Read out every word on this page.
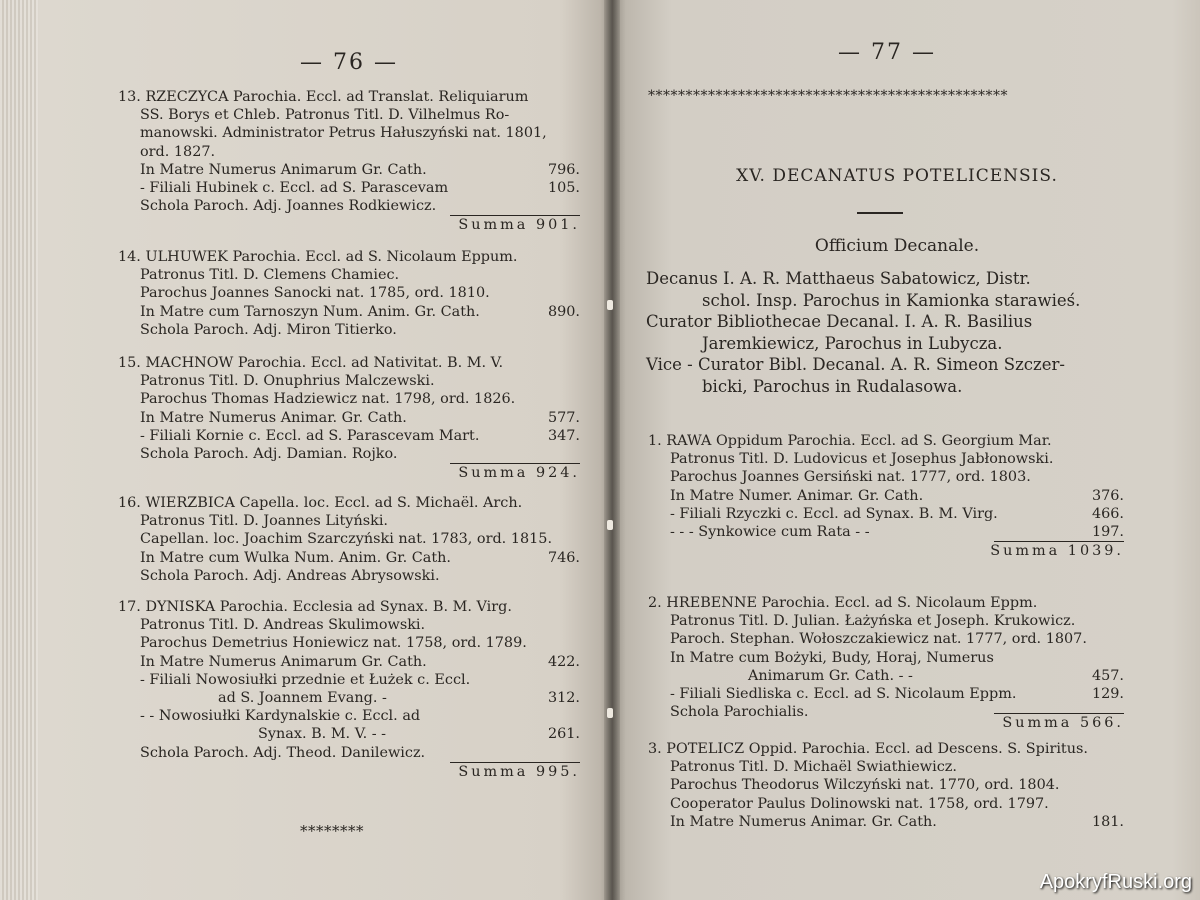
— 76 —
13. RZECZYCA Parochia. Eccl. ad Translat. Reliquiarum
SS. Borys et Chleb. Patronus Titl. D. Vilhelmus Ro-
manowski. Administrator Petrus Hałuszyński nat. 1801,
ord. 1827.
In Matre Numerus Animarum Gr. Cath.	796.
- Filiali Hubinek c. Eccl. ad S. Parascevam	105.
Schola Paroch. Adj. Joannes Rodkiewicz.
Summa 901.
14. ULHUWEK Parochia. Eccl. ad S. Nicolaum Eppum.
Patronus Titl. D. Clemens Chamiec.
Parochus Joannes Sanocki nat. 1785, ord. 1810.
In Matre cum Tarnoszyn Num. Anim. Gr. Cath.	890.
Schola Paroch. Adj. Miron Titierko.
15. MACHNOW Parochia. Eccl. ad Nativitat. B. M. V.
Patronus Titl. D. Onuphrius Malczewski.
Parochus Thomas Hadziewicz nat. 1798, ord. 1826.
In Matre Numerus Animar. Gr. Cath.	577.
- Filiali Kornie c. Eccl. ad S. Parascevam Mart.	347.
Schola Paroch. Adj. Damian. Rojko.
Summa 924.
16. WIERZBICA Capella. loc. Eccl. ad S. Michaël. Arch.
Patronus Titl. D. Joannes Lityński.
Capellan. loc. Joachim Szarczyński nat. 1783, ord. 1815.
In Matre cum Wulka Num. Anim. Gr. Cath.	746.
Schola Paroch. Adj. Andreas Abrysowski.
17. DYNISKA Parochia. Ecclesia ad Synax. B. M. Virg.
Patronus Titl. D. Andreas Skulimowski.
Parochus Demetrius Honiewicz nat. 1758, ord. 1789.
In Matre Numerus Animarum Gr. Cath.	422.
- Filiali Nowosiułki przednie et Łużek c. Eccl.
ad S. Joannem Evang. -	312.
- - Nowosiułki Kardynalskie c. Eccl. ad
Synax. B. M. V. - -	261.
Schola Paroch. Adj. Theod. Danilewicz.
Summa 995.
********
— 77 —
************************************************
XV. DECANATUS POTELICENSIS.
Officium Decanale.
Decanus I. A. R. Matthaeus Sabatowicz, Distr.
schol. Insp. Parochus in Kamionka starawieś.
Curator Bibliothecae Decanal. I. A. R. Basilius
Jaremkiewicz, Parochus in Lubycza.
Vice - Curator Bibl. Decanal. A. R. Simeon Szczer-
bicki, Parochus in Rudalasowa.
1. RAWA Oppidum Parochia. Eccl. ad S. Georgium Mar.
Patronus Titl. D. Ludovicus et Josephus Jabłonowski.
Parochus Joannes Gersiński nat. 1777, ord. 1803.
In Matre Numer. Animar. Gr. Cath.	376.
- Filiali Rzyczki c. Eccl. ad Synax. B. M. Virg.	466.
- - - Synkowice cum Rata - -	197.
Summa 1039.
2. HREBENNE Parochia. Eccl. ad S. Nicolaum Eppm.
Patronus Titl. D. Julian. Łażyńska et Joseph. Krukowicz.
Paroch. Stephan. Wołoszczakiewicz nat. 1777, ord. 1807.
In Matre cum Bożyki, Budy, Horaj, Numerus
Animarum Gr. Cath. - -	457.
- Filiali Siedliska c. Eccl. ad S. Nicolaum Eppm.	129.
Schola Parochialis.
Summa 566.
3. POTELICZ Oppid. Parochia. Eccl. ad Descens. S. Spiritus.
Patronus Titl. D. Michaël Swiathiewicz.
Parochus Theodorus Wilczyński nat. 1770, ord. 1804.
Cooperator Paulus Dolinowski nat. 1758, ord. 1797.
In Matre Numerus Animar. Gr. Cath.	181.
ApokryfRuski.org
